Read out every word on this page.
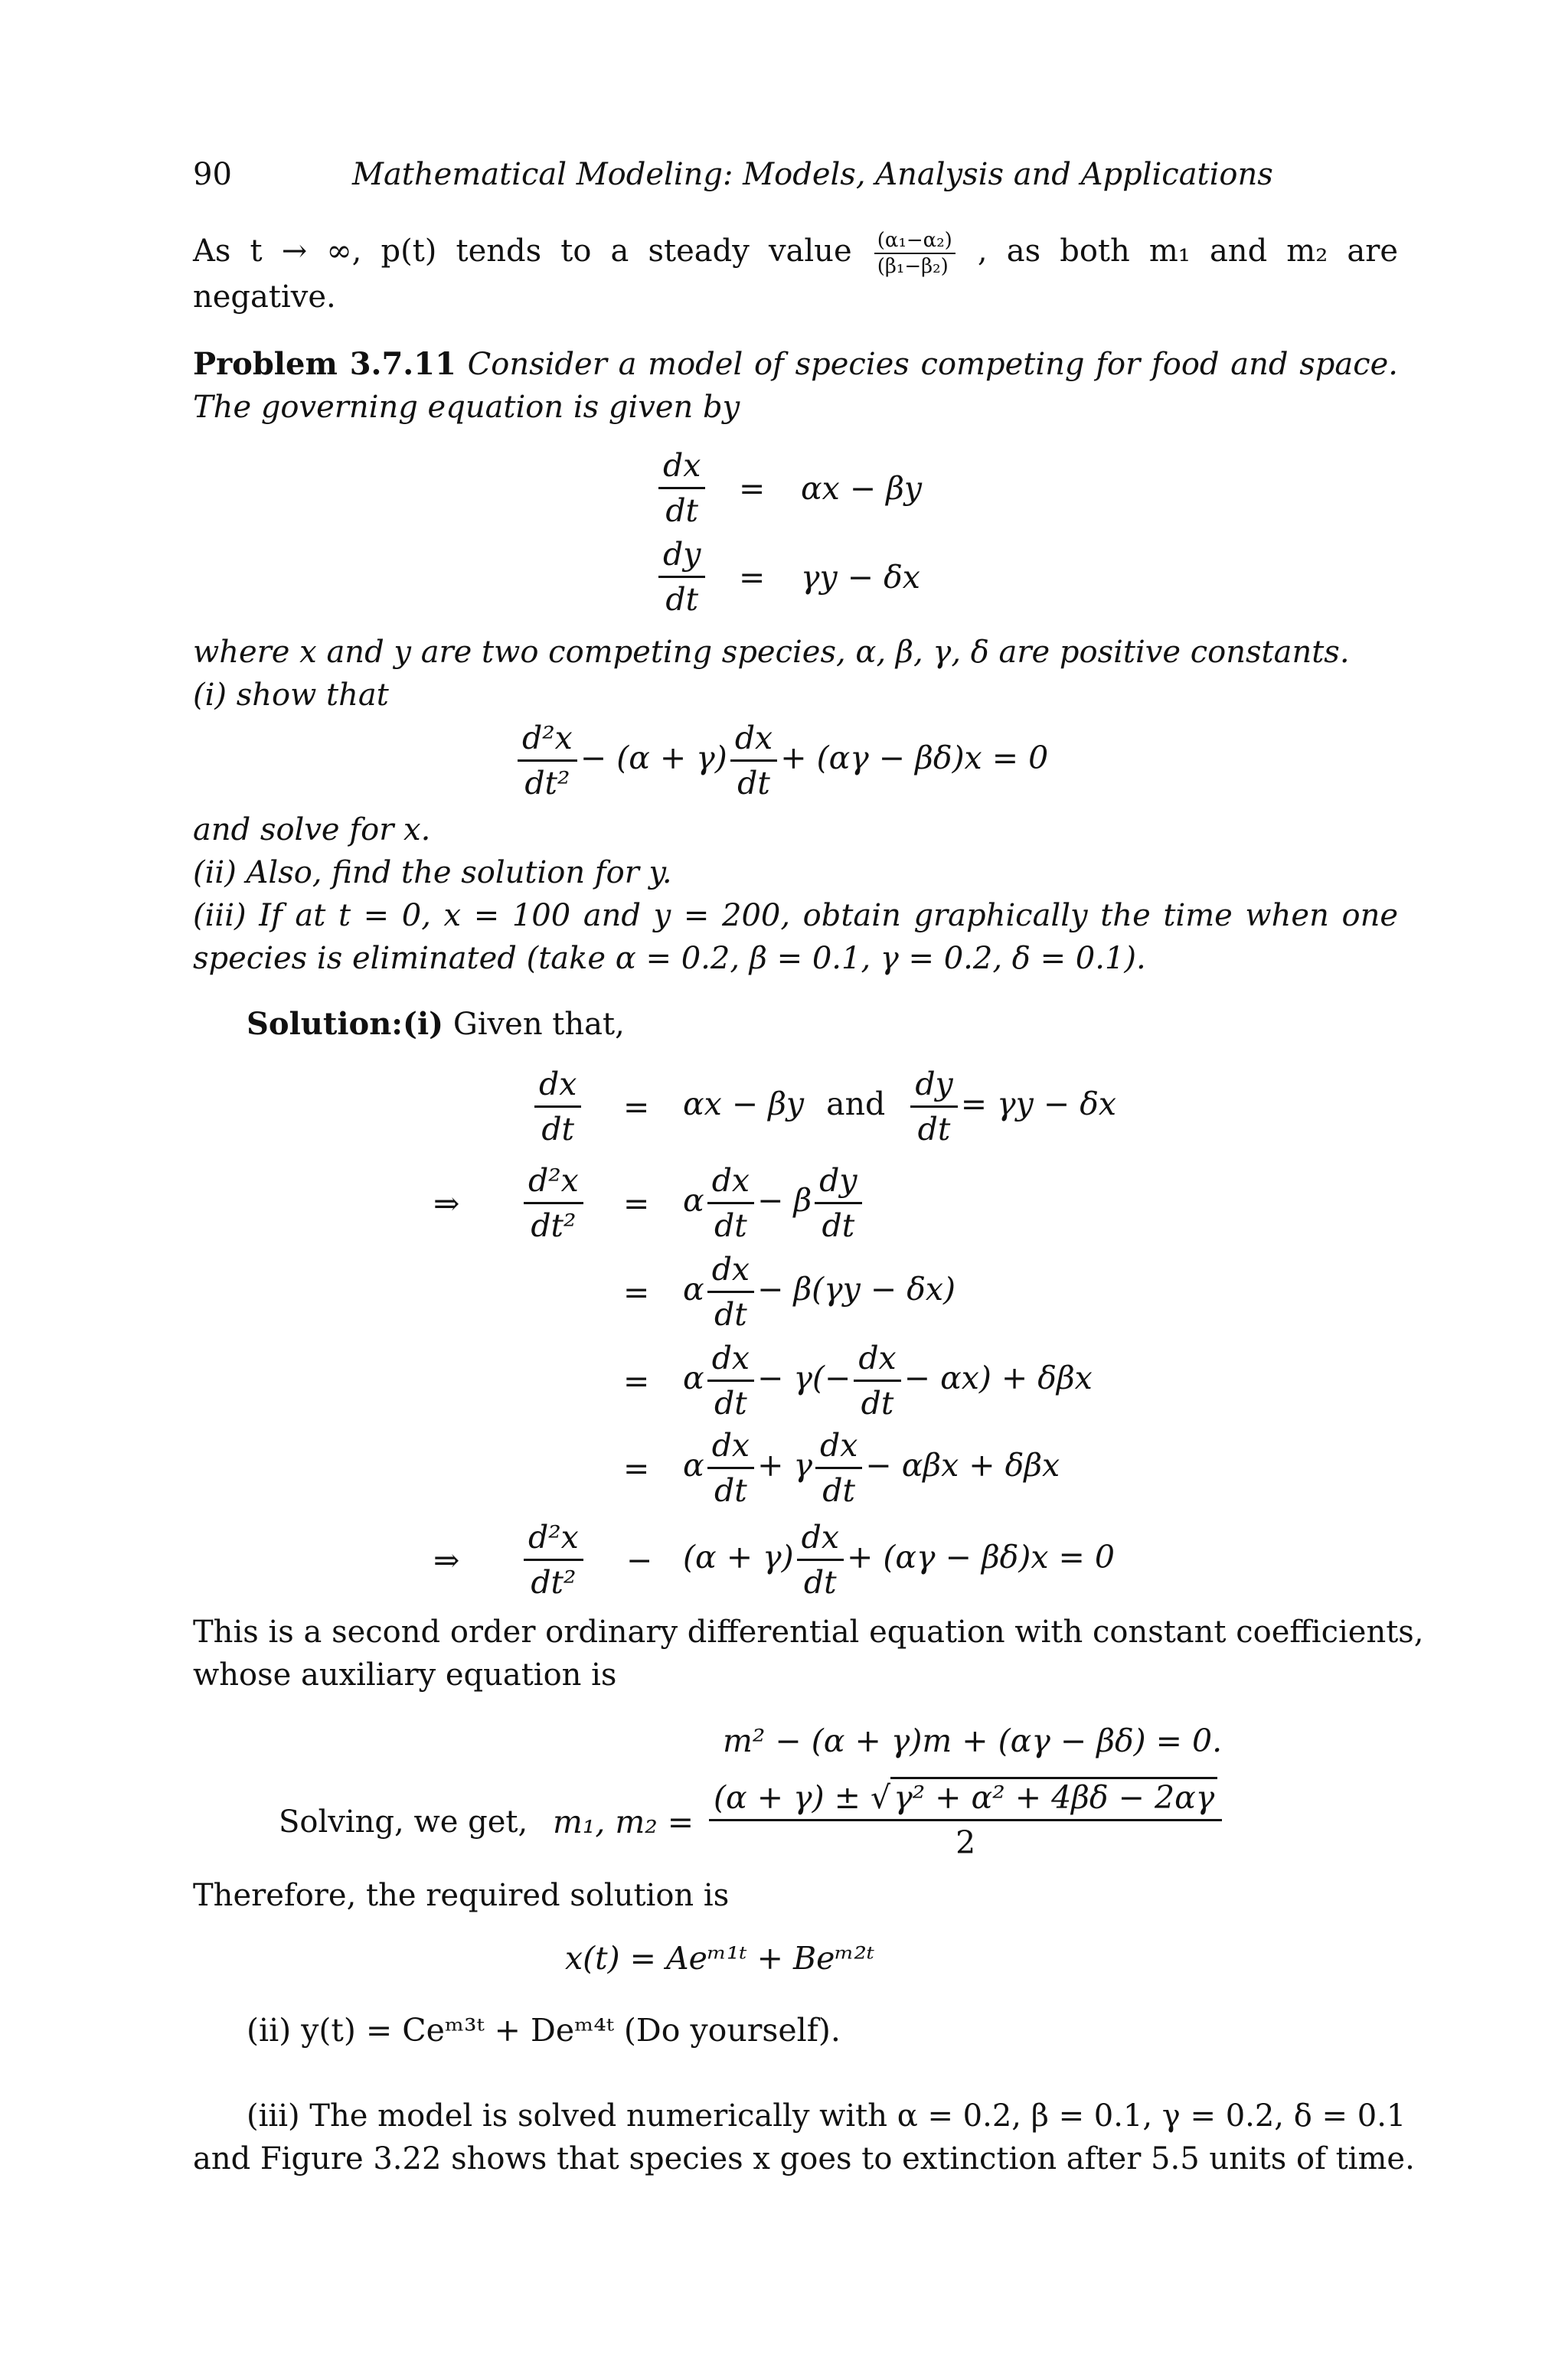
90	Mathematical Modeling: Models, Analysis and Applications
As t → ∞, p(t) tends to a steady value $\frac{\text{(α₁−α₂)}}{\text{(β₁−β₂)}}$ , as both m₁ and m₂ are
negative.
Problem 3.7.11 Consider a model of species competing for food and space.
The governing equation is given by
$\frac{dx}{dt} = \alpha x - \beta y$
$\frac{dy}{dt} = \gamma y - \delta x$
where x and y are two competing species, α, β, γ, δ are positive constants.
(i) show that
$\frac{\text{d²x}}{\text{dt²}} - (\alpha + \gamma) \frac{dx}{dt} + (\alpha\gamma - \beta\delta)x = 0$
and solve for x.
(ii) Also, find the solution for y.
(iii) If at t = 0, x = 100 and y = 200, obtain graphically the time when one
species is eliminated (take α = 0.2, β = 0.1, γ = 0.2, δ = 0.1).
Solution:(i) Given that,
$\frac{dx}{dt} = \alpha x - \beta y$ and $\frac{dy}{dt} = \gamma y - \delta x$
⇒ $\frac{\text{d²x}}{\text{dt²}} = \alpha \frac{dx}{dt} - \beta \frac{dy}{dt}$
= α $\frac{dx}{dt} - \beta(\gamma y - \delta x)$
= α $\frac{dx}{dt} - \gamma(- \frac{dx}{dt} - \alpha x) + \delta\beta x$
= α $\frac{dx}{dt} + \gamma \frac{dx}{dt} - \alpha\beta x + \delta\beta x$
⇒ $\frac{\text{d²x}}{\text{dt²}} - (\alpha + \gamma) \frac{dx}{dt} + (\alpha\gamma - \beta\delta)x = 0$
This is a second order ordinary differential equation with constant coefficients,
whose auxiliary equation is
m² − (α + γ)m + (αγ − βδ) = 0.
Solving, we get, m₁, $m_2 = \frac{\text{(α + γ) ± √γ² + α² + 4βδ − 2αγ}}{2}$
Therefore, the required solution is
x(t) = Aeᵐ¹ᵗ + Beᵐ²ᵗ
(ii) y(t) = Ceᵐ³ᵗ + Deᵐ⁴ᵗ (Do yourself).
(iii) The model is solved numerically with α = 0.2, β = 0.1, γ = 0.2, δ = 0.1
and Figure 3.22 shows that species x goes to extinction after 5.5 units of time.
